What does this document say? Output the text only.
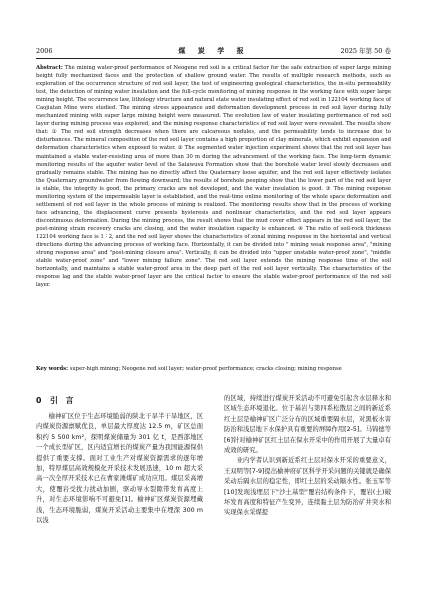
2006	煤 炭 学 报	2025 年第 50 卷
Abstract: The mining water-proof performance of Neogene red soil is a critical factor for the safe extraction of super large mining height fully mechanized faces and the protection of shallow ground water. The results of multiple research methods, such as exploration of the occurrence structure of red soil layer, the test of engineering geological characteristics, the in-situ permeability test, the detection of mining water insulation and the full-cycle monitoring of mining response in the working face with super large mining height. The occurrence law, lithology structure and natural state water insulating effect of red soil in 122104 working face of Caojiatan Mine were studied. The mining stress appearance and deformation development process in red soil layer during fully mechanized mining with super large mining height were measured. The evolution law of water insulating performance of red soil layer during mining process was explored, and the mining response characteristics of red soil layer were revealed. The results show that: ① The red soil strength decreases when there are calcareous nodules, and the permeability tends to increase due to disturbances. The mineral composition of the red soil layer contains a high proportion of clay minerals, which exhibit expansion and deformation characteristics when exposed to water. ② The segmented water injection experiment shows that the red soil layer has maintained a stable water-resisting area of more than 30 m during the advancement of the working face. The long-term dynamic monitoring results of the aquifer water level of the Salawusu Formation show that the borehole water level slowly decreases and gradually remains stable. The mining has no directly affect the Quaternary loose aquifer, and the red soil layer effectively isolates the Quaternary groundwater from flowing downward; the results of borehole peeping show that the lower part of the red soil layer is stable, the integrity is good, the primary cracks are not developed, and the water insulation is good. ③ The mining response monitoring system of the impermeable layer is established, and the real-time online monitoring of the whole space deformation and settlement of red soil layer in the whole process of mining is realized. The monitoring results show that in the process of working face advancing, the displacement curve presents hysteresis and nonlinear characteristics, and the red soil layer appears discontinuous deformation. During the mining process, the result shows that the mud cover effect appears in the red soil layer, the post-mining strain recovery cracks are closing, and the water insulation capacity is enhanced. ④ The ratio of soil-rock thickness 122104 working face is 1 ∶ 2, and the red soil layer shows the characteristics of zonal mining response in the horizontal and vertical directions during the advancing process of working face. Horizontally, it can be divided into " mining weak response area", "mining strong response area" and "post-mining closure area". Vertically, it can be divided into "upper unstable water-proof zone", "middle stable water-proof zone" and "lower mining failure zone". The red soil layer extends the mining response time of the soil horizontally, and maintains a stable water-proof area in the deep part of the red soil layer vertically. The characteristics of the response lag and the stable water-proof layer are the critical factor to ensure the stable water-proof performance of the red soil layer.
Key words: super-high mining; Neogene red soil layer; water-proof performance; cracks closing; mining response
0 引　言

榆神矿区位于生态环境脆弱的陕北干旱半干旱地区，区内煤炭资源禀赋优良，单层最大厚度达 12.5 m，矿区总面积约 5 500 km²，探明煤炭储量为 301 亿 t，是西部地区一个成长型矿区，区内适宜增长的煤炭产量为我国能源保供提供了重要支撑。面对工业生产对煤炭资源需求的逐年增加，特厚煤层高效规模化开采技术发展迅速，10 m 超大采高一次全厚开采技术已在曹家滩煤矿成功应用。煤层采高增大，使覆岩受扰力扰动加剧，驱动导水裂隙带发育高度上升，对生态环境影响不可避免[1]。榆神矿区煤炭资源埋藏浅，生态环境脆弱，煤炭开采活动主要集中在埋深 300 m 以浅

的区域，持续进行煤炭开采活动不可避免引起含水层释水和区域生态环境退化。位于基岩与第四系松散层之间的新近系红土层是榆神矿区广泛分布的区域重要隔水层，对黑板水害防治和浅层地下水保护具有重要的屏障作用[2-5]。马锦德等[6]针对榆神矿区红土层在保水开采中的作用开展了大量卓有成效的研究。

业内学者认识到新近系红土层对保水开采的重要意义，王双明等[7-9]提出榆神府矿区科学开采问题的关键就是确保采动后隔水层的稳定性，即红土层的采动隔水性。张玉军等[10]发现浅埋层下"沙土基型"覆岩结构条件下，覆岩(土)破坏发育高度和特征产生变异，连续黏土层为防治矿井突水和实现保水采煤提
